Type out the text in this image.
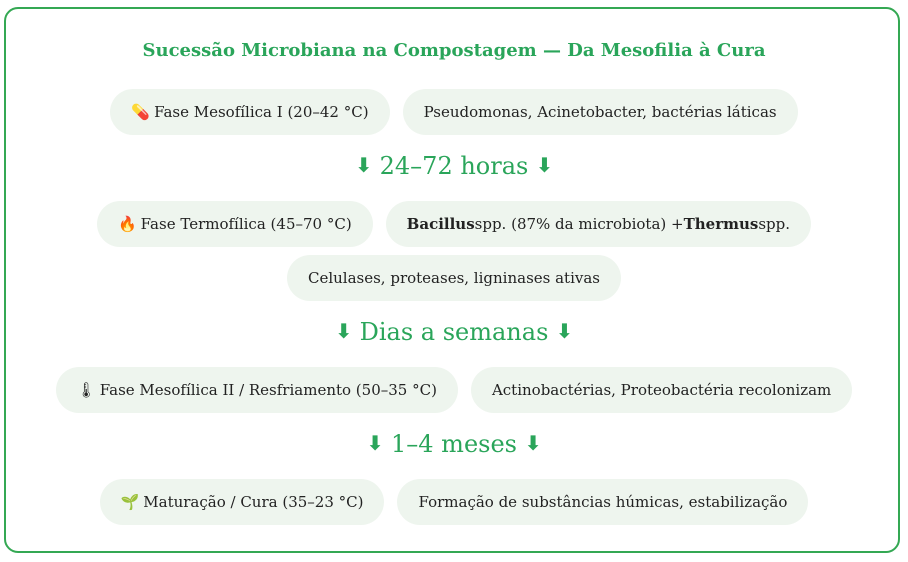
Sucessão Microbiana na Compostagem — Da Mesofilia à Cura
💊 Fase Mesofílica I (20–42 °C)	Pseudomonas, Acinetobacter, bactérias láticas
⬇ 24–72 horas ⬇
🔥 Fase Termofílica (45–70 °C)	Bacillus spp. (87% da microbiota) + Thermus spp.
Celulases, proteases, ligninases ativas
⬇ Dias a semanas ⬇
🌡 Fase Mesofílica II / Resfriamento (50–35 °C)	Actinobactérias, Proteobactéria recolonizam
⬇ 1–4 meses ⬇
🌱 Maturação / Cura (35–23 °C)	Formação de substâncias húmicas, estabilização
